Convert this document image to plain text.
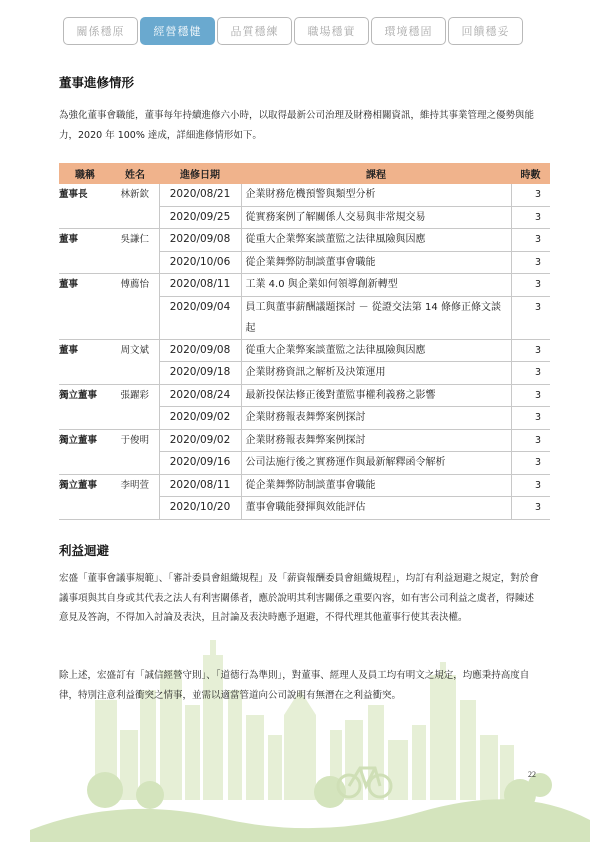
關係穩原	經營穩健	品質穩練	職場穩實	環境穩固	回饋穩妥
董事進修情形

為強化董事會職能，董事每年持續進修六小時，以取得最新公司治理及財務相關資訊，維持其事業管理之優勢與能力，2020 年 100% 達成，詳細進修情形如下。

職稱	姓名	進修日期	課程	時數
董事長	林新欽	2020/08/21	企業財務危機預警與類型分析	3
		2020/09/25	從實務案例了解關係人交易與非常規交易	3
董事	吳謙仁	2020/09/08	從重大企業弊案談董監之法律風險與因應	3
		2020/10/06	從企業舞弊防制談董事會職能	3
董事	傅薦怡	2020/08/11	工業 4.0 與企業如何領導創新轉型	3
		2020/09/04	員工與董事薪酬議題探討 － 從證交法第 14 條修正條文談起	3
董事	周文斌	2020/09/08	從重大企業弊案談董監之法律風險與因應	3
		2020/09/18	企業財務資訊之解析及決策運用	3
獨立董事	張躍彩	2020/08/24	最新投保法修正後對董監事權利義務之影響	3
		2020/09/02	企業財務報表舞弊案例探討	3
獨立董事	于俊明	2020/09/02	企業財務報表舞弊案例探討	3
		2020/09/16	公司法施行後之實務運作與最新解釋函令解析	3
獨立董事	李明萱	2020/08/11	從企業舞弊防制談董事會職能	3
		2020/10/20	董事會職能發揮與效能評估	3
利益迴避

宏盛「董事會議事規範」、「審計委員會組織規程」及「薪資報酬委員會組織規程」，均訂有利益迴避之規定，對於會議事項與其自身或其代表之法人有利害關係者，應於說明其利害關係之重要內容，如有害公司利益之虞者，得陳述意見及答詢，不得加入討論及表決，且討論及表決時應予迴避，不得代理其他董事行使其表決權。

除上述，宏盛訂有「誠信經營守則」、「道德行為準則」，對董事、經理人及員工均有明文之規定，均應秉持高度自律，特別注意利益衝突之情事，並需以適當管道向公司說明有無潛在之利益衝突。

22
